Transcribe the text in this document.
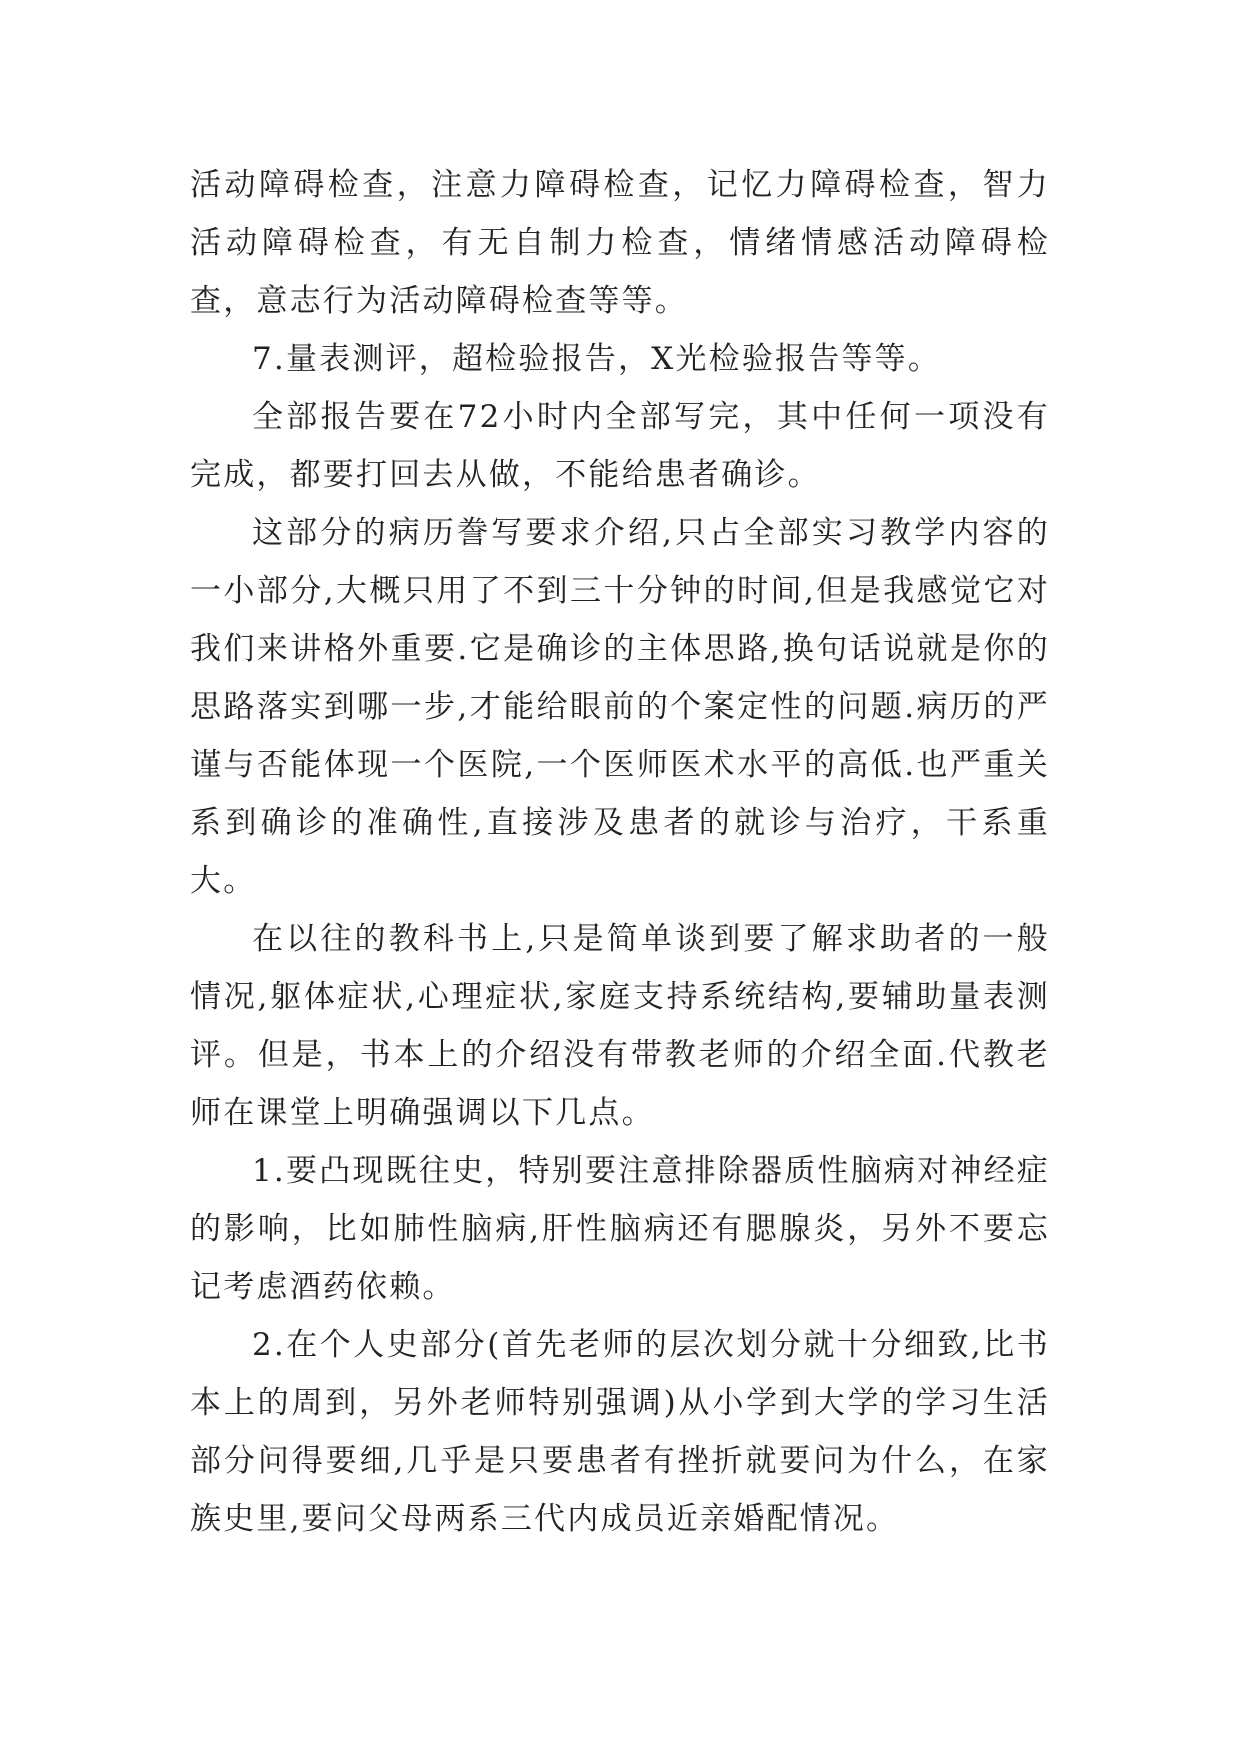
活动障碍检查，注意力障碍检查，记忆力障碍检查，智力活动障碍检查，有无自制力检查，情绪情感活动障碍检查，意志行为活动障碍检查等等。

7.量表测评，超检验报告，X光检验报告等等。

全部报告要在72小时内全部写完，其中任何一项没有完成，都要打回去从做，不能给患者确诊。

这部分的病历誊写要求介绍,只占全部实习教学内容的一小部分,大概只用了不到三十分钟的时间,但是我感觉它对我们来讲格外重要.它是确诊的主体思路,换句话说就是你的思路落实到哪一步,才能给眼前的个案定性的问题.病历的严谨与否能体现一个医院,一个医师医术水平的高低.也严重关系到确诊的准确性,直接涉及患者的就诊与治疗，干系重大。

在以往的教科书上,只是简单谈到要了解求助者的一般情况,躯体症状,心理症状,家庭支持系统结构,要辅助量表测评。但是，书本上的介绍没有带教老师的介绍全面.代教老师在课堂上明确强调以下几点。

1.要凸现既往史，特别要注意排除器质性脑病对神经症的影响，比如肺性脑病,肝性脑病还有腮腺炎，另外不要忘记考虑酒药依赖。

2.在个人史部分(首先老师的层次划分就十分细致,比书本上的周到，另外老师特别强调)从小学到大学的学习生活部分问得要细,几乎是只要患者有挫折就要问为什么，在家族史里,要问父母两系三代内成员近亲婚配情况。
